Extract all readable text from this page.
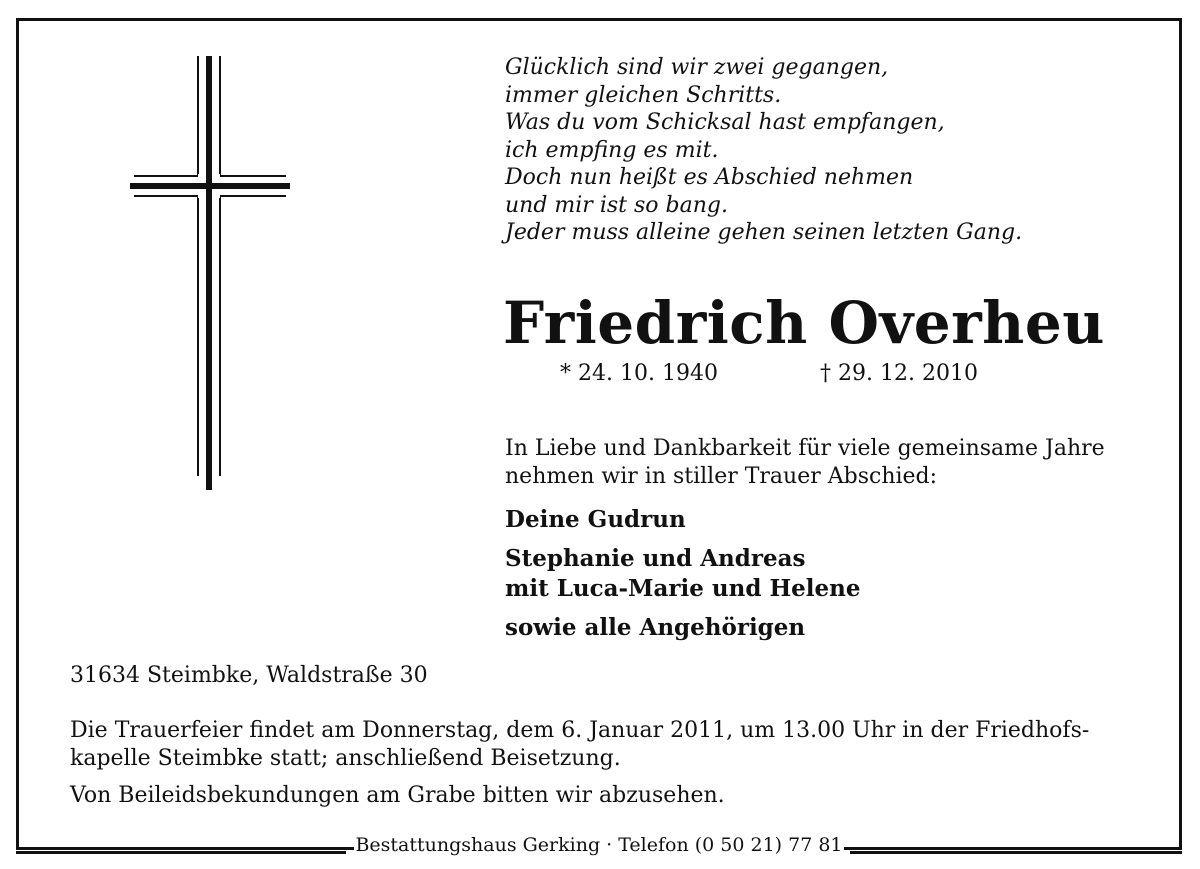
Glücklich sind wir zwei gegangen,
immer gleichen Schritts.
Was du vom Schicksal hast empfangen,
ich empfing es mit.
Doch nun heißt es Abschied nehmen
und mir ist so bang.
Jeder muss alleine gehen seinen letzten Gang.
Friedrich Overheu
* 24. 10. 1940	† 29. 12. 2010
In Liebe und Dankbarkeit für viele gemeinsame Jahre
nehmen wir in stiller Trauer Abschied:
Deine Gudrun
Stephanie und Andreas
mit Luca-Marie und Helene
sowie alle Angehörigen
31634 Steimbke, Waldstraße 30
Die Trauerfeier findet am Donnerstag, dem 6. Januar 2011, um 13.00 Uhr in der Friedhofs-
kapelle Steimbke statt; anschließend Beisetzung.
Von Beileidsbekundungen am Grabe bitten wir abzusehen.
Bestattungshaus Gerking · Telefon (0 50 21) 77 81
